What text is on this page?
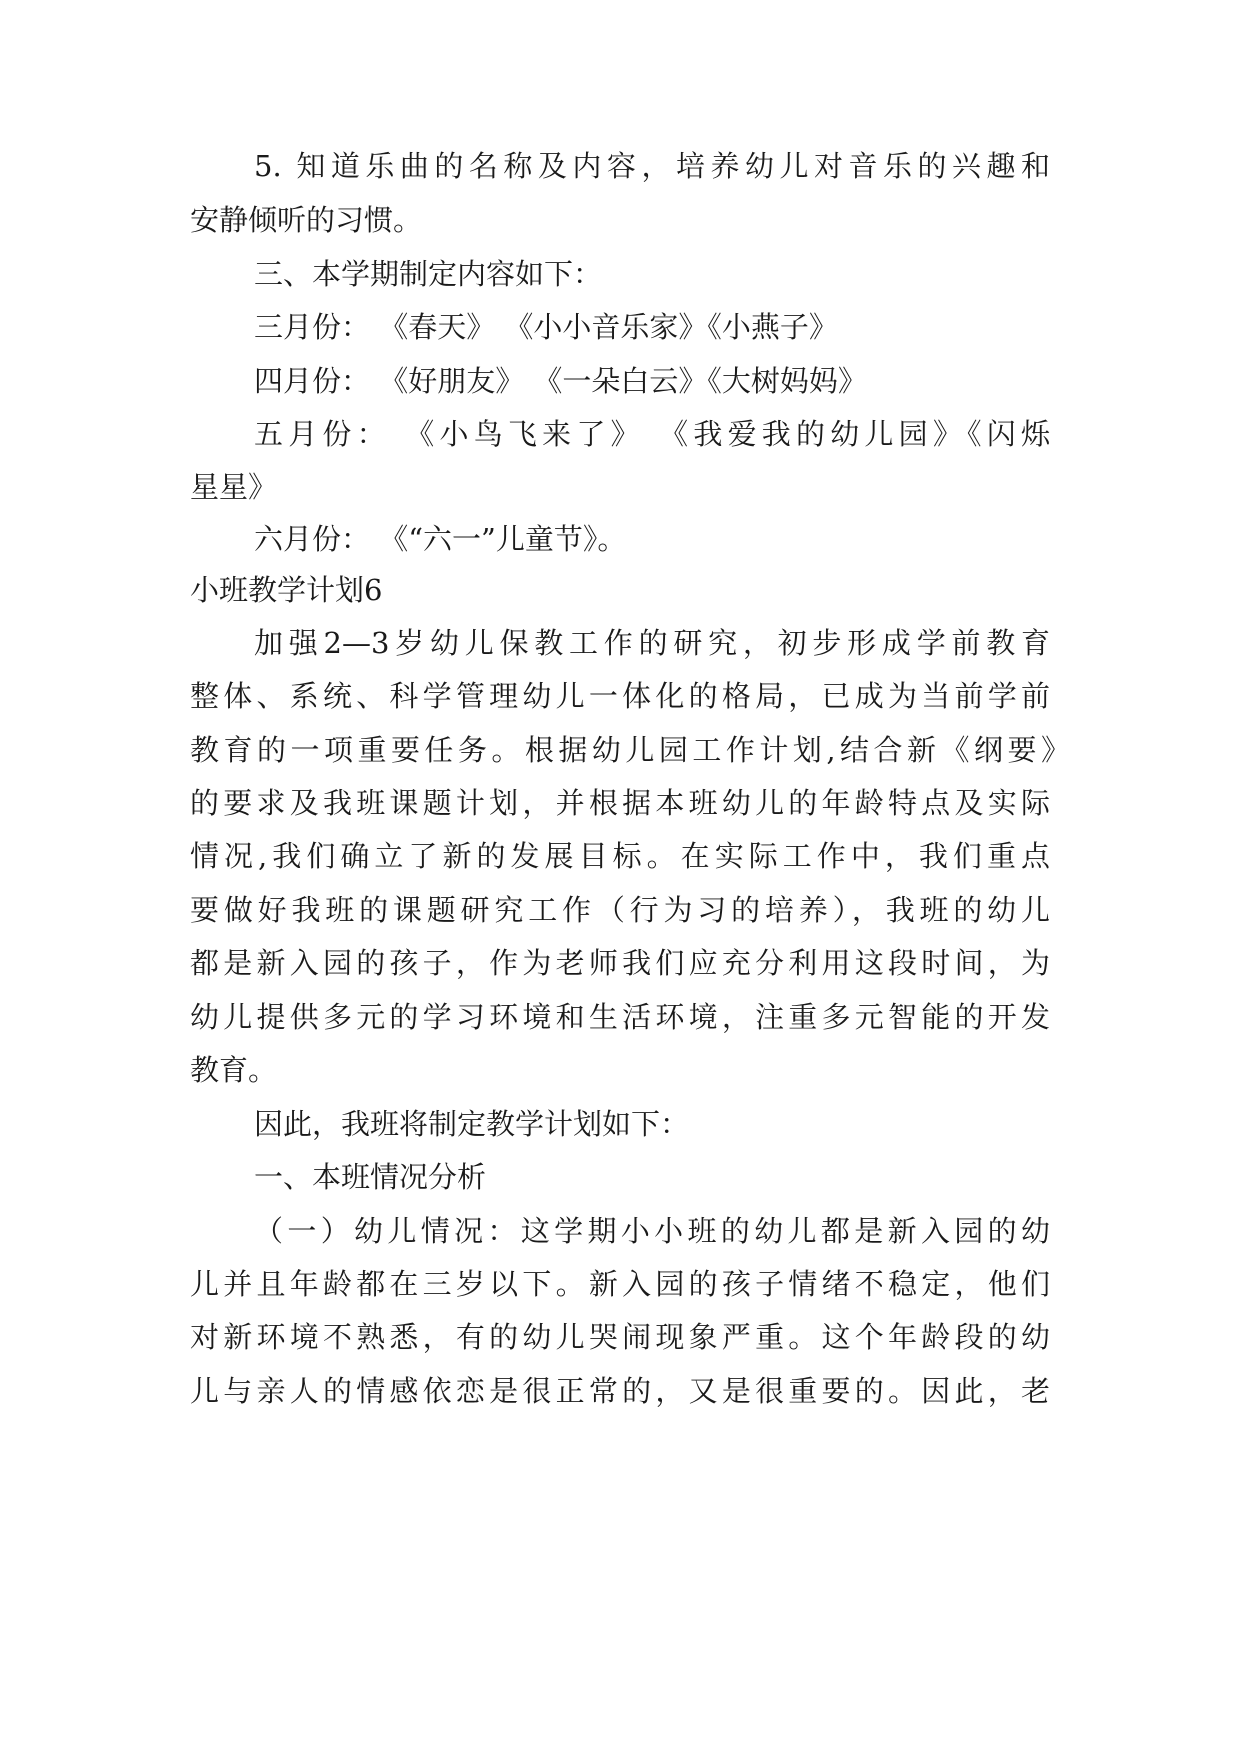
5. 知道乐曲的名称及内容，培养幼儿对音乐的兴趣和
安静倾听的习惯。
三、本学期制定内容如下：
三月份： 《春天》 《小小音乐家》《小燕子》
四月份： 《好朋友》 《一朵白云》《大树妈妈》
五月份： 《小鸟飞来了》 《我爱我的幼儿园》《闪烁
星星》
六月份： 《“六一”儿童节》。
小班教学计划6
加强2—3岁幼儿保教工作的研究，初步形成学前教育
整体、系统、科学管理幼儿一体化的格局，已成为当前学前
教育的一项重要任务。根据幼儿园工作计划,结合新《纲要》
的要求及我班课题计划，并根据本班幼儿的年龄特点及实际
情况,我们确立了新的发展目标。在实际工作中，我们重点
要做好我班的课题研究工作（行为习的培养），我班的幼儿
都是新入园的孩子，作为老师我们应充分利用这段时间，为
幼儿提供多元的学习环境和生活环境，注重多元智能的开发
教育。
因此，我班将制定教学计划如下：
一、本班情况分析
（一）幼儿情况：这学期小小班的幼儿都是新入园的幼
儿并且年龄都在三岁以下。新入园的孩子情绪不稳定，他们
对新环境不熟悉，有的幼儿哭闹现象严重。这个年龄段的幼
儿与亲人的情感依恋是很正常的，又是很重要的。因此，老
